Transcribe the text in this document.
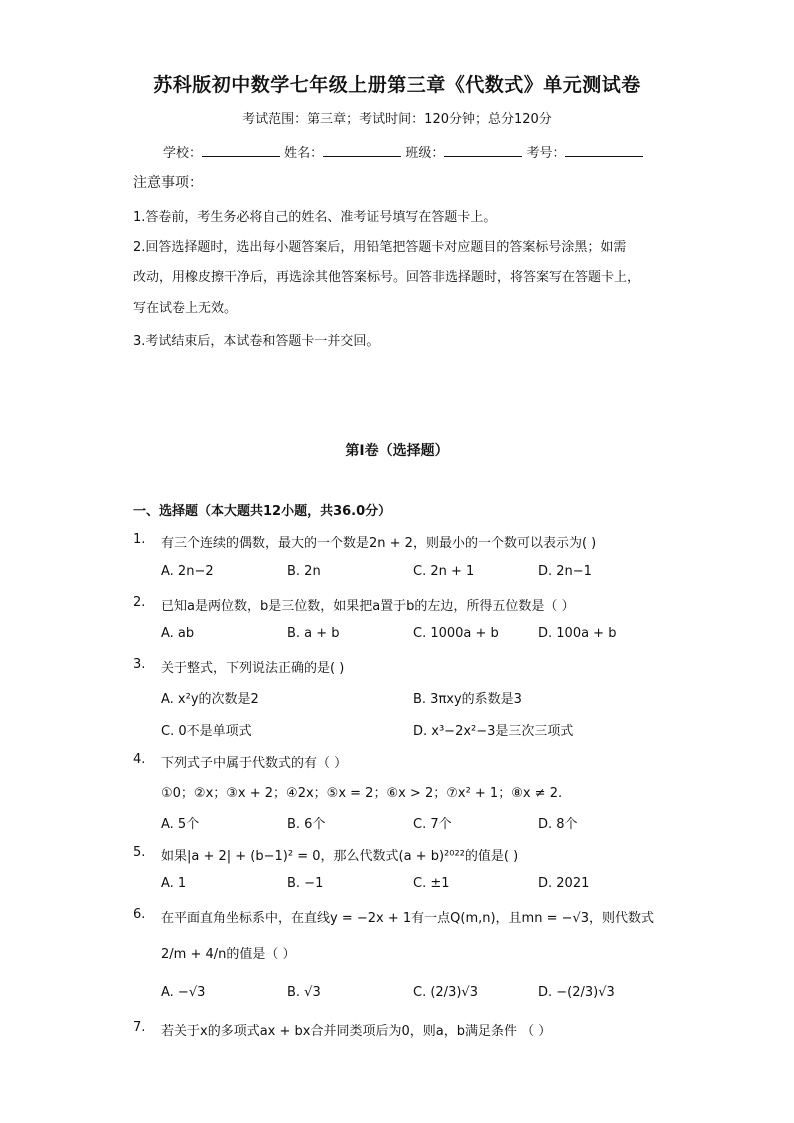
苏科版初中数学七年级上册第三章《代数式》单元测试卷
考试范围：第三章；考试时间：120分钟；总分120分
学校：	姓名：	班级：	考号：
注意事项：
1.答卷前，考生务必将自己的姓名、准考证号填写在答题卡上。
2.回答选择题时，选出每小题答案后，用铅笔把答题卡对应题目的答案标号涂黑；如需
改动，用橡皮擦干净后，再选涂其他答案标号。回答非选择题时，将答案写在答题卡上，
写在试卷上无效。
3.考试结束后，本试卷和答题卡一并交回。
第I卷（选择题）
一、选择题（本大题共12小题，共36.0分）
1. 有三个连续的偶数，最大的一个数是2n + 2，则最小的一个数可以表示为( )
A. 2n−2	B. 2n	C. 2n + 1	D. 2n−1
2. 已知a是两位数，b是三位数，如果把a置于b的左边，所得五位数是（ ）
A. ab	B. a + b	C. 1000a + b	D. 100a + b
3. 关于整式，下列说法正确的是( )
A. x²y的次数是2	B. 3πxy的系数是3
C. 0不是单项式	D. x³−2x²−3是三次三项式
4. 下列式子中属于代数式的有（ ）
①0；②x；③x + 2；④2x；⑤x = 2；⑥x > 2；⑦x² + 1；⑧x ≠ 2.
A. 5个	B. 6个	C. 7个	D. 8个
5. 如果|a + 2| + (b−1)² = 0，那么代数式(a + b)²⁰²²的值是( )
A. 1	B. −1	C. ±1	D. 2021
6. 在平面直角坐标系中，在直线y = −2x + 1有一点Q(m,n)，且mn = −√3，则代数式
2/m + 4/n的值是（ ）
A. −√3	B. √3	C. (2/3)√3	D. −(2/3)√3
7. 若关于x的多项式ax + bx合并同类项后为0，则a，b满足条件 （ ）
